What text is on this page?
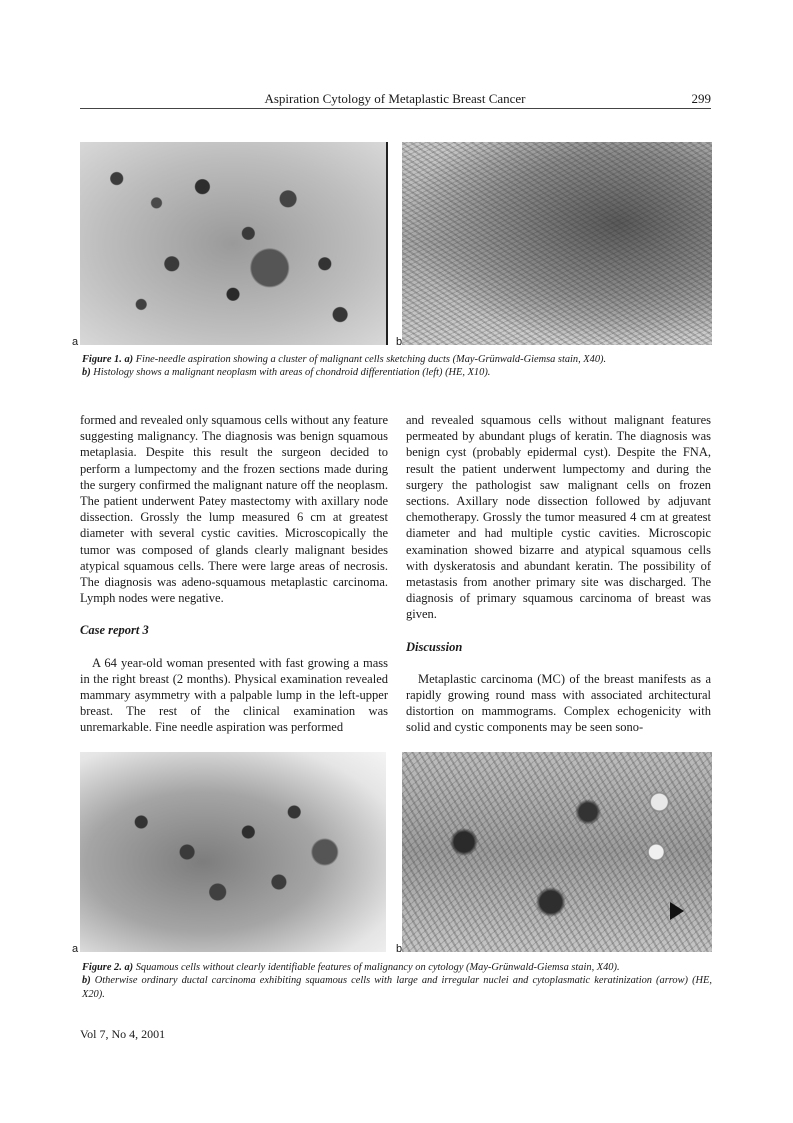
Aspiration Cytology of Metaplastic Breast Cancer	299
a	b
Figure 1. a) Fine-needle aspiration showing a cluster of malignant cells sketching ducts (May-Grünwald-Giemsa stain, X40).
b) Histology shows a malignant neoplasm with areas of chondroid differentiation (left) (HE, X10).

formed and revealed only squamous cells without any feature suggesting malignancy. The diagnosis was benign squamous metaplasia. Despite this result the surgeon decided to perform a lumpectomy and the frozen sections made during the surgery confirmed the malignant nature off the neoplasm. The patient underwent Patey mastectomy with axillary node dissection. Grossly the lump measured 6 cm at greatest diameter with several cystic cavities. Microscopically the tumor was composed of glands clearly malignant besides atypical squamous cells. There were large areas of necrosis. The diagnosis was adeno-squamous metaplastic carcinoma. Lymph nodes were negative.

Case report 3

A 64 year-old woman presented with fast growing a mass in the right breast (2 months). Physical examination revealed mammary asymmetry with a palpable lump in the left-upper breast. The rest of the clinical examination was unremarkable. Fine needle aspiration was performed

and revealed squamous cells without malignant features permeated by abundant plugs of keratin. The diagnosis was benign cyst (probably epidermal cyst). Despite the FNA, result the patient underwent lumpectomy and during the surgery the pathologist saw malignant cells on frozen sections. Axillary node dissection followed by adjuvant chemotherapy. Grossly the tumor measured 4 cm at greatest diameter and had multiple cystic cavities. Microscopic examination showed bizarre and atypical squamous cells with dyskeratosis and abundant keratin. The possibility of metastasis from another primary site was discharged. The diagnosis of primary squamous carcinoma of breast was given.

Discussion

Metaplastic carcinoma (MC) of the breast manifests as a rapidly growing round mass with associated architectural distortion on mammograms. Complex echogenicity with solid and cystic components may be seen sono-

a	b
Figure 2. a) Squamous cells without clearly identifiable features of malignancy on cytology (May-Grünwald-Giemsa stain, X40).
b) Otherwise ordinary ductal carcinoma exhibiting squamous cells with large and irregular nuclei and cytoplasmatic keratinization (arrow) (HE, X20).
Vol 7, No 4, 2001
